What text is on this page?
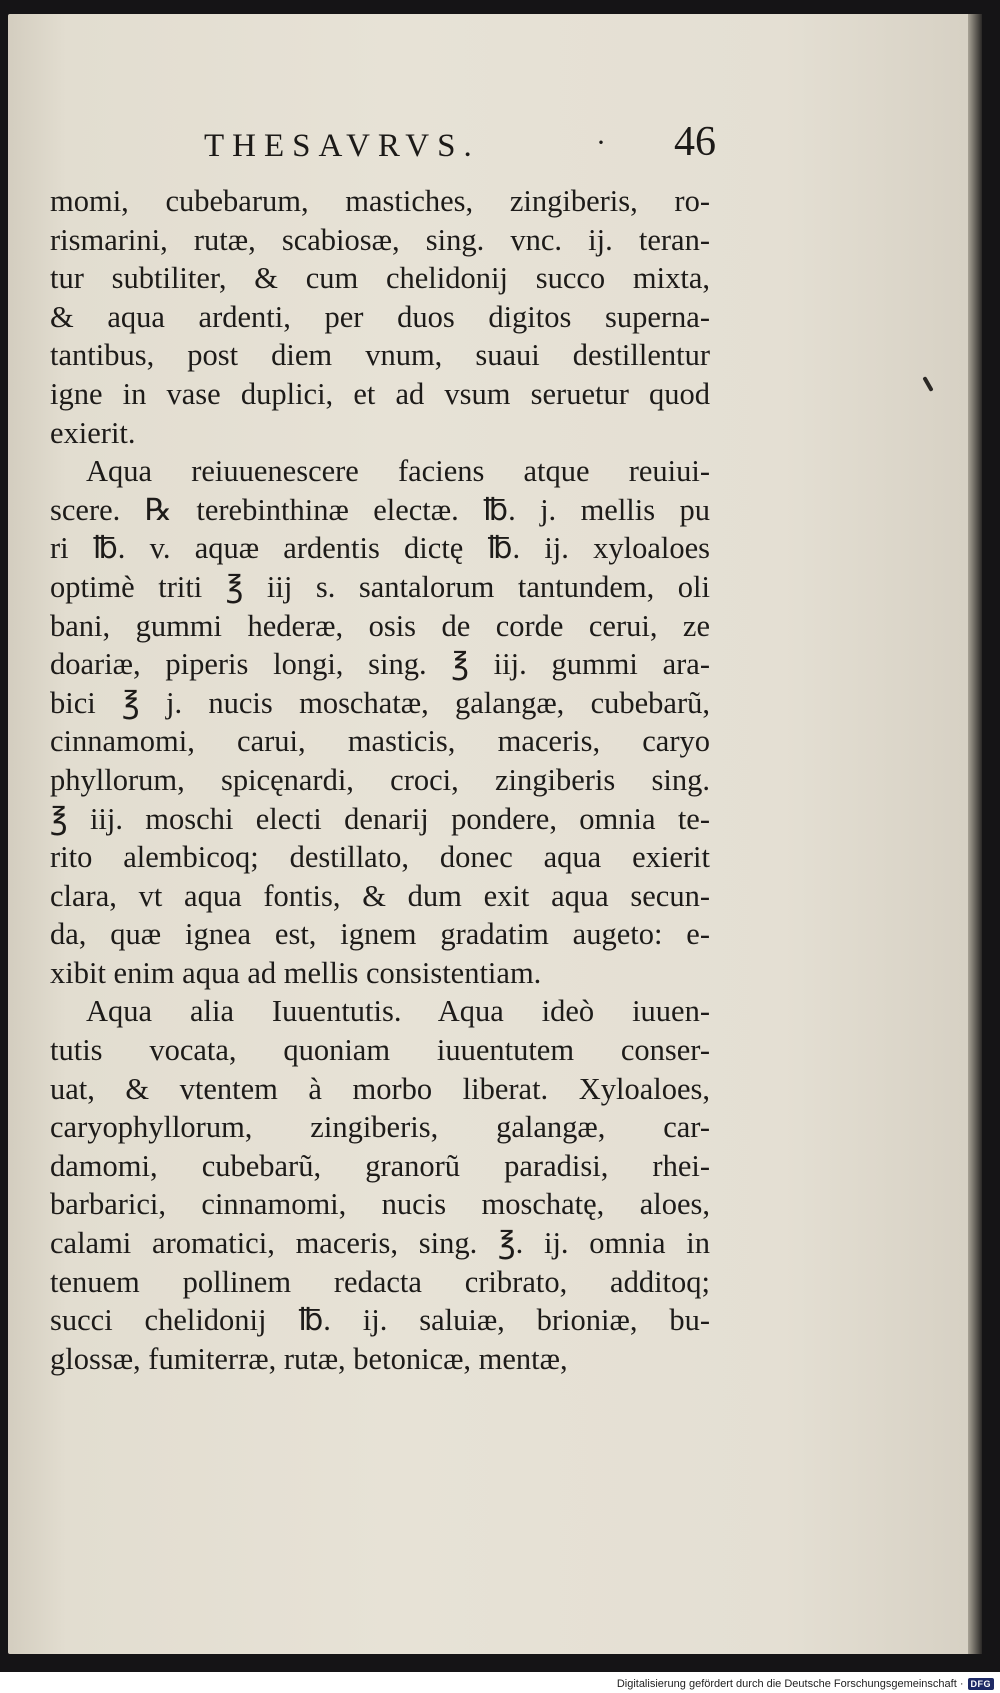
THESAVRVS.	· 46
momi, cubebarum, mastiches, zingiberis, ro-
rismarini, rutæ, scabiosæ, sing. vnc. ij. teran-
tur subtiliter, & cum chelidonij succo mixta,
& aqua ardenti, per duos digitos superna-
tantibus, post diem vnum, suaui destillentur
igne in vase duplici, et ad vsum seruetur quod
exierit.
Aqua reiuuenescere faciens atque reuiui-
scere. ℞ terebinthinæ electæ. ℔. j. mellis pu
ri ℔. v. aquæ ardentis dictę ℔. ij. xyloaloes
optimè triti ℥ iij s. santalorum tantundem, oli
bani, gummi hederæ, osis de corde cerui, ze
doariæ, piperis longi, sing. ℥ iij. gummi ara-
bici ℥ j. nucis moschatæ, galangæ, cubebarũ,
cinnamomi, carui, masticis, maceris, caryo
phyllorum, spicęnardi, croci, zingiberis sing.
℥ iij. moschi electi denarij pondere, omnia te-
rito alembicoq; destillato, donec aqua exierit
clara, vt aqua fontis, & dum exit aqua secun-
da, quæ ignea est, ignem gradatim augeto: e-
xibit enim aqua ad mellis consistentiam.
Aqua alia Iuuentutis. Aqua ideò iuuen-
tutis vocata, quoniam iuuentutem conser-
uat, & vtentem à morbo liberat. Xyloaloes,
caryophyllorum, zingiberis, galangæ, car-
damomi, cubebarũ, granorũ paradisi, rhei-
barbarici, cinnamomi, nucis moschatę, aloes,
calami aromatici, maceris, sing. ℥. ij. omnia in
tenuem pollinem redacta cribrato, additoq;
succi chelidonij ℔. ij. saluiæ, brioniæ, bu-
glossæ, fumiterræ, rutæ, betonicæ, mentæ,
Digitalisierung gefördert durch die Deutsche Forschungsgemeinschaft · DFG
